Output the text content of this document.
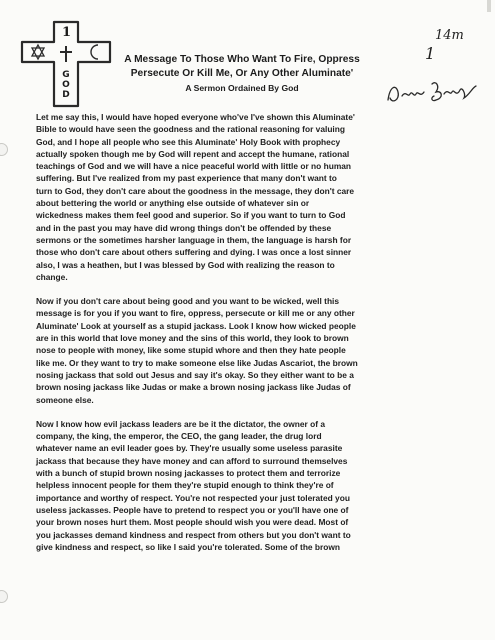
1
GOD

A Message To Those Who Want To Fire, Oppress

Persecute Or Kill Me, Or Any Other Aluminate'

A Sermon Ordained By God

14m
1
Let me say this, I would have hoped everyone who've I've shown this Aluminate'
Bible to would have seen the goodness and the rational reasoning for valuing
God, and I hope all people who see this Aluminate' Holy Book with prophecy
actually spoken though me by God will repent and accept the humane, rational
teachings of God and we will have a nice peaceful world with little or no human
suffering. But I've realized from my past experience that many don't want to
turn to God, they don't care about the goodness in the message, they don't care
about bettering the world or anything else outside of whatever sin or
wickedness makes them feel good and superior. So if you want to turn to God
and in the past you may have did wrong things don't be offended by these
sermons or the sometimes harsher language in them, the language is harsh for
those who don't care about others suffering and dying. I was once a lost sinner
also, I was a heathen, but I was blessed by God with realizing the reason to
change.
Now if you don't care about being good and you want to be wicked, well this
message is for you if you want to fire, oppress, persecute or kill me or any other
Aluminate' Look at yourself as a stupid jackass. Look I know how wicked people
are in this world that love money and the sins of this world, they look to brown
nose to people with money, like some stupid whore and then they hate people
like me. Or they want to try to make someone else like Judas Ascariot, the brown
nosing jackass that sold out Jesus and say it's okay. So they either want to be a
brown nosing jackass like Judas or make a brown nosing jackass like Judas of
someone else.
Now I know how evil jackass leaders are be it the dictator, the owner of a
company, the king, the emperor, the CEO, the gang leader, the drug lord
whatever name an evil leader goes by. They're usually some useless parasite
jackass that because they have money and can afford to surround themselves
with a bunch of stupid brown nosing jackasses to protect them and terrorize
helpless innocent people for them they're stupid enough to think they're of
importance and worthy of respect. You're not respected your just tolerated you
useless jackasses. People have to pretend to respect you or you'll have one of
your brown noses hurt them. Most people should wish you were dead. Most of
you jackasses demand kindness and respect from others but you don't want to
give kindness and respect, so like I said you're tolerated. Some of the brown
